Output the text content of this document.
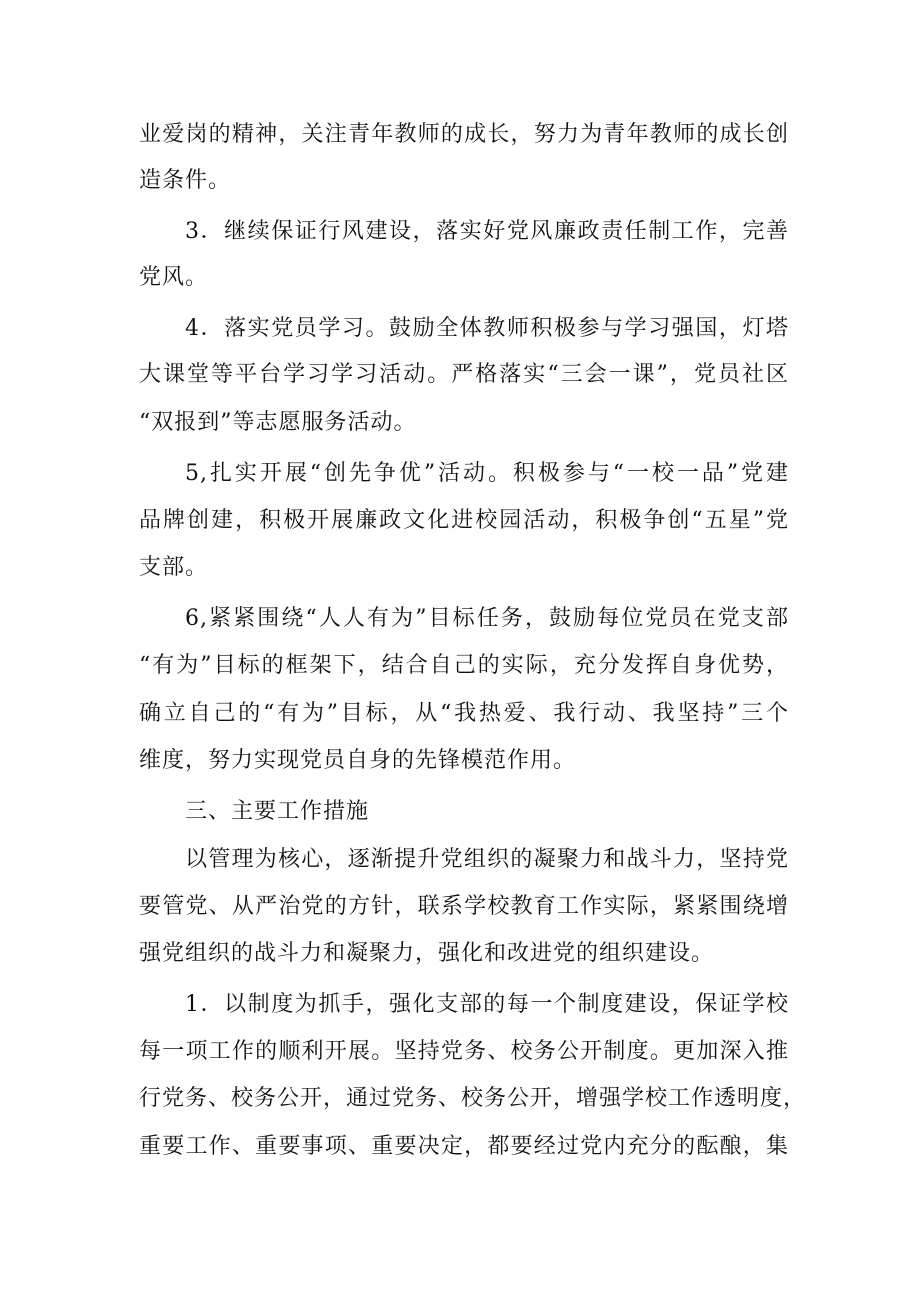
业爱岗的精神，关注青年教师的成长，努力为青年教师的成长创
造条件。
3．继续保证行风建设，落实好党风廉政责任制工作，完善
党风。
4．落实党员学习。鼓励全体教师积极参与学习强国，灯塔
大课堂等平台学习学习活动。严格落实“三会一课”，党员社区
“双报到”等志愿服务活动。
5,扎实开展“创先争优”活动。积极参与“一校一品”党建
品牌创建，积极开展廉政文化进校园活动，积极争创“五星”党
支部。
6,紧紧围绕“人人有为”目标任务，鼓励每位党员在党支部
“有为”目标的框架下，结合自己的实际，充分发挥自身优势，
确立自己的“有为”目标，从“我热爱、我行动、我坚持”三个
维度，努力实现党员自身的先锋模范作用。
三、主要工作措施
以管理为核心，逐渐提升党组织的凝聚力和战斗力，坚持党
要管党、从严治党的方针，联系学校教育工作实际，紧紧围绕增
强党组织的战斗力和凝聚力，强化和改进党的组织建设。
1．以制度为抓手，强化支部的每一个制度建设，保证学校
每一项工作的顺利开展。坚持党务、校务公开制度。更加深入推
行党务、校务公开，通过党务、校务公开，增强学校工作透明度，
重要工作、重要事项、重要决定，都要经过党内充分的酝酿，集
